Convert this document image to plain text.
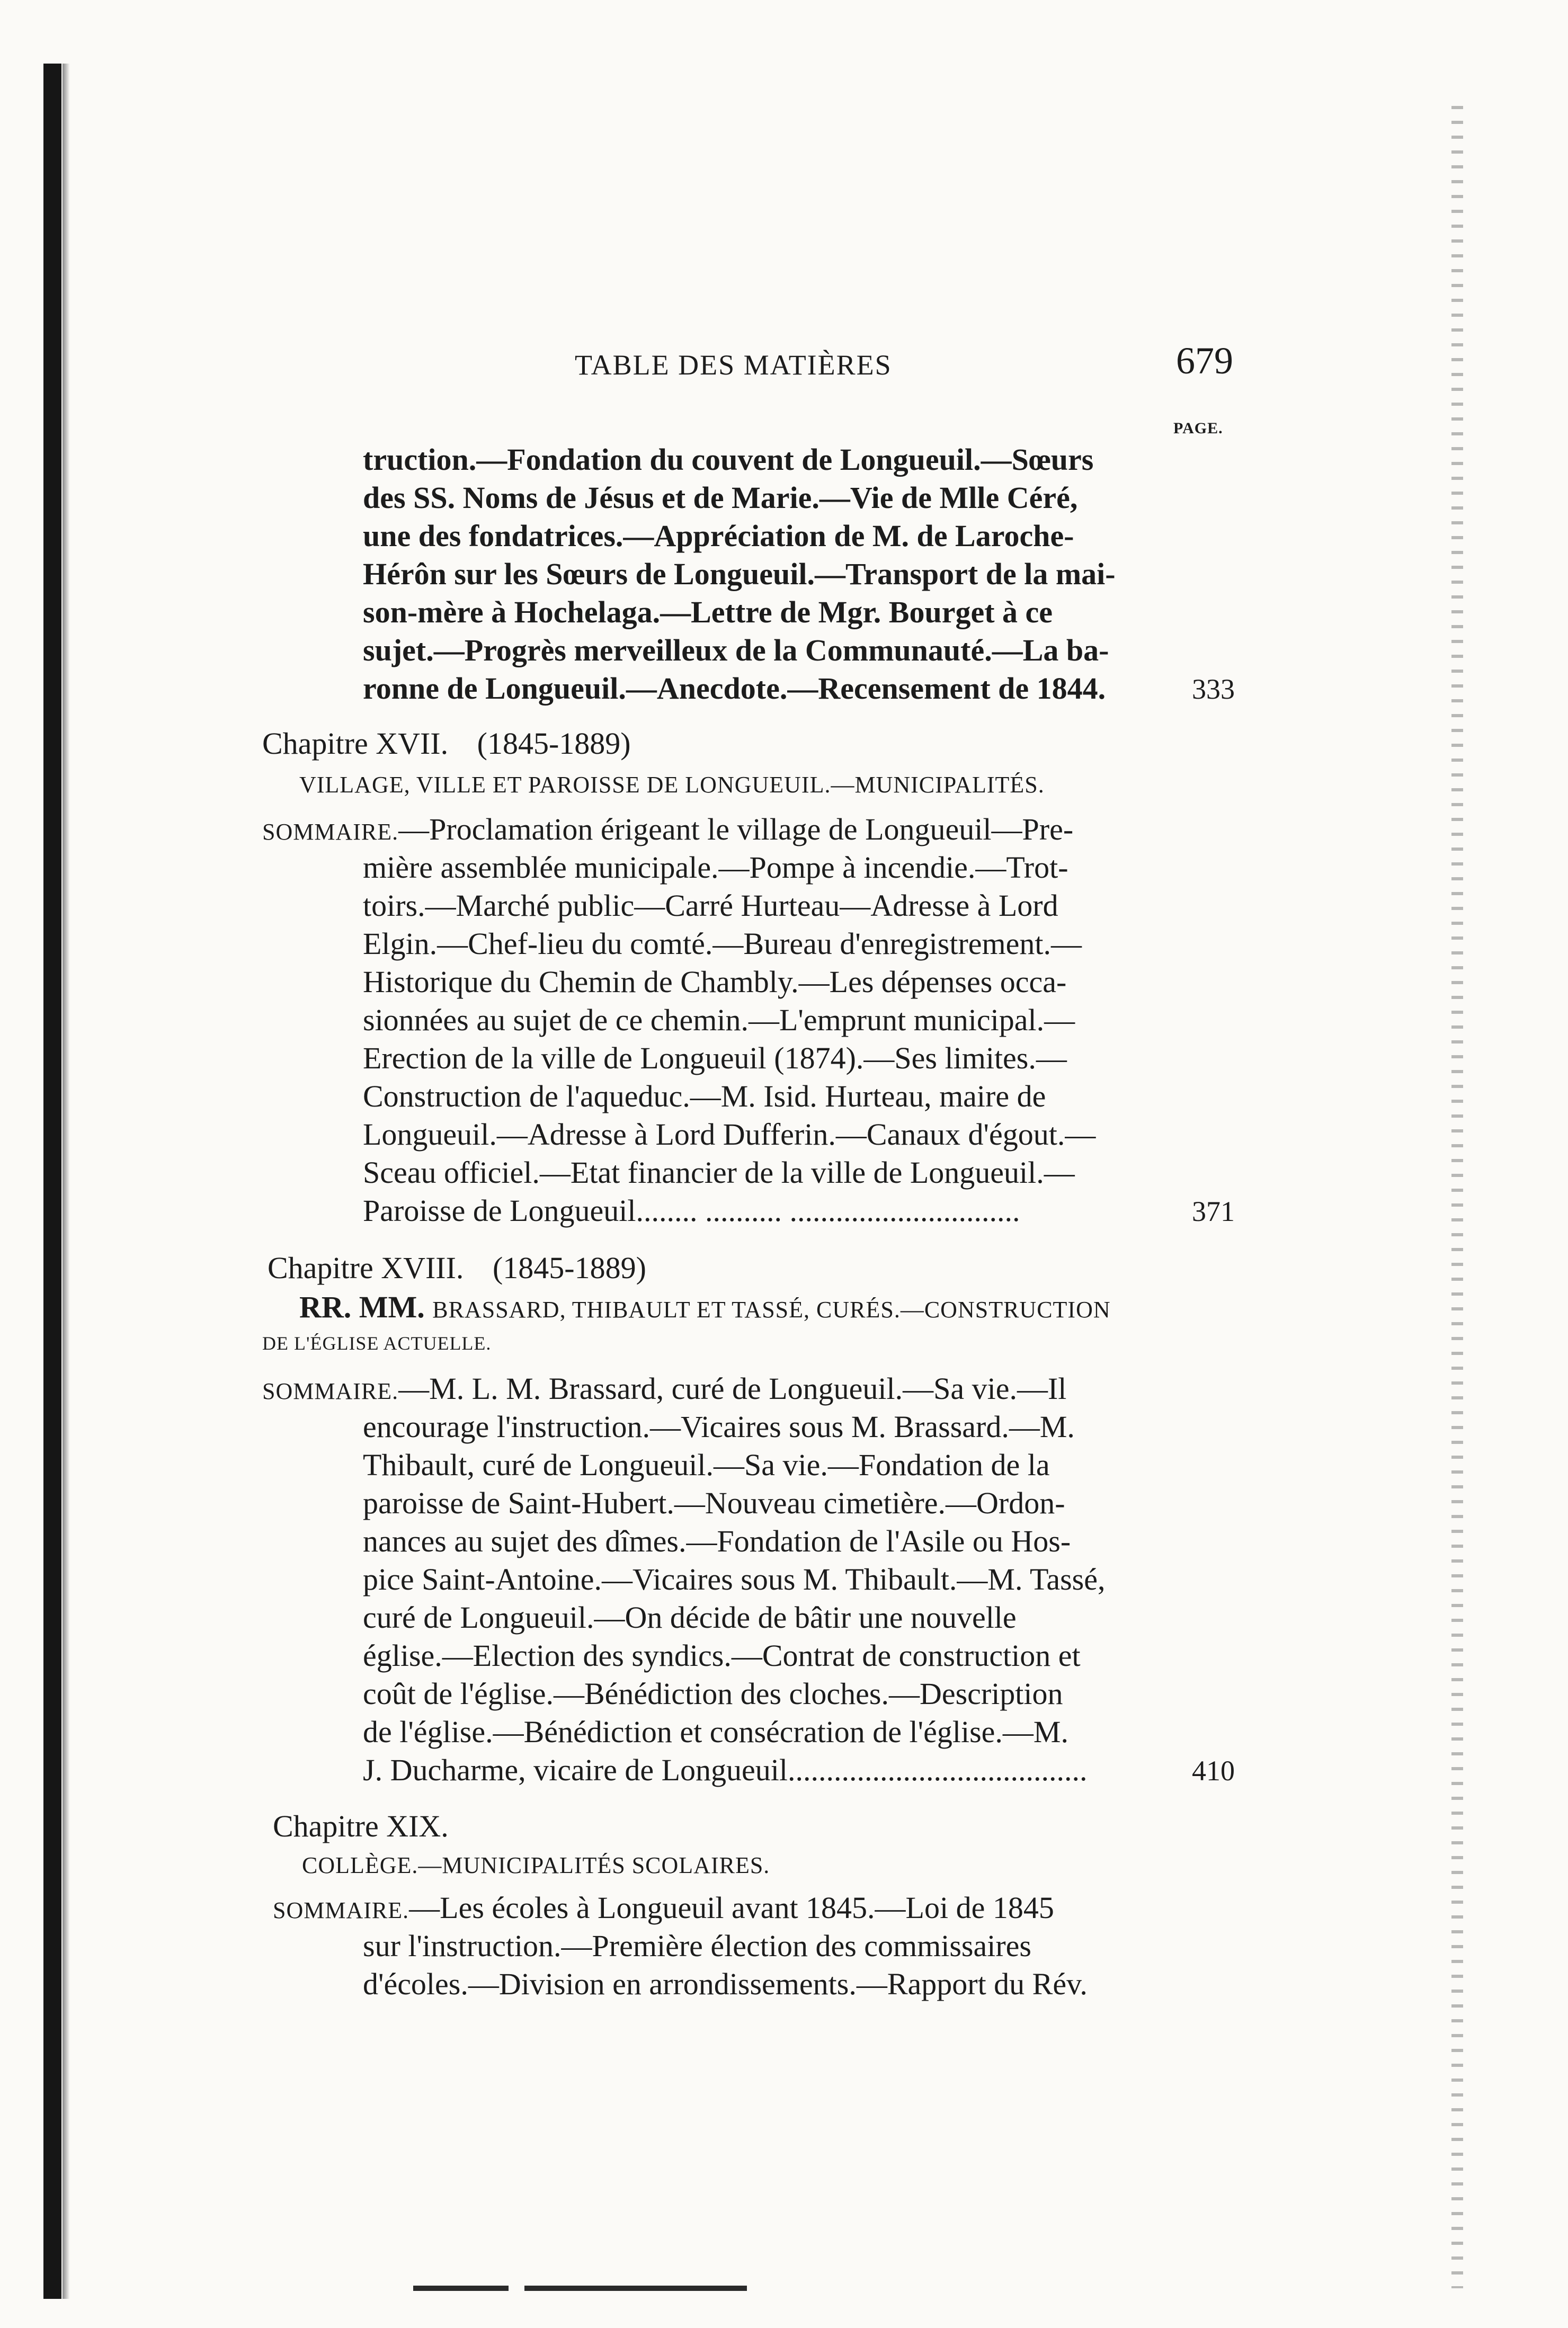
TABLE DES MATIÈRES	679
PAGE.
truction.—Fondation du couvent de Longueuil.—Sœurs
des SS. Noms de Jésus et de Marie.—Vie de Mlle Céré,
une des fondatrices.—Appréciation de M. de Laroche-
Hérôn sur les Sœurs de Longueuil.—Transport de la mai-
son-mère à Hochelaga.—Lettre de Mgr. Bourget à ce
sujet.—Progrès merveilleux de la Communauté.—La ba-
ronne de Longueuil.—Anecdote.—Recensement de 1844.	333
Chapitre XVII. (1845-1889)
VILLAGE, VILLE ET PAROISSE DE LONGUEUIL.—MUNICIPALITÉS.
SOMMAIRE.—Proclamation érigeant le village de Longueuil—Pre-
mière assemblée municipale.—Pompe à incendie.—Trot-
toirs.—Marché public—Carré Hurteau—Adresse à Lord
Elgin.—Chef-lieu du comté.—Bureau d'enregistrement.—
Historique du Chemin de Chambly.—Les dépenses occa-
sionnées au sujet de ce chemin.—L'emprunt municipal.—
Erection de la ville de Longueuil (1874).—Ses limites.—
Construction de l'aqueduc.—M. Isid. Hurteau, maire de
Longueuil.—Adresse à Lord Dufferin.—Canaux d'égout.—
Sceau officiel.—Etat financier de la ville de Longueuil.—
Paroisse de Longueuil........ .......... ..............................	371
Chapitre XVIII. (1845-1889)
RR. MM. BRASSARD, THIBAULT ET TASSÉ, CURÉS.—CONSTRUCTION
DE L'ÉGLISE ACTUELLE.
SOMMAIRE.—M. L. M. Brassard, curé de Longueuil.—Sa vie.—Il
encourage l'instruction.—Vicaires sous M. Brassard.—M.
Thibault, curé de Longueuil.—Sa vie.—Fondation de la
paroisse de Saint-Hubert.—Nouveau cimetière.—Ordon-
nances au sujet des dîmes.—Fondation de l'Asile ou Hos-
pice Saint-Antoine.—Vicaires sous M. Thibault.—M. Tassé,
curé de Longueuil.—On décide de bâtir une nouvelle
église.—Election des syndics.—Contrat de construction et
coût de l'église.—Bénédiction des cloches.—Description
de l'église.—Bénédiction et consécration de l'église.—M.
J. Ducharme, vicaire de Longueuil.......................................	410
Chapitre XIX.
COLLÈGE.—MUNICIPALITÉS SCOLAIRES.
SOMMAIRE.—Les écoles à Longueuil avant 1845.—Loi de 1845
sur l'instruction.—Première élection des commissaires
d'écoles.—Division en arrondissements.—Rapport du Rév.
